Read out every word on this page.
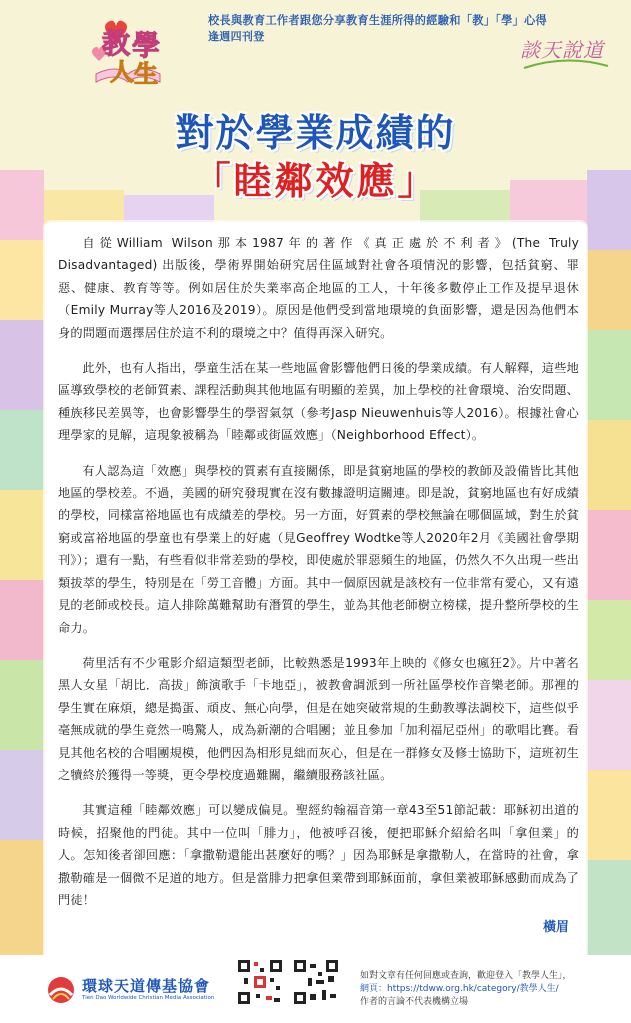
教 學
人 生
校長與教育工作者跟您分享教育生涯所得的經驗和「教」「學」心得
逢週四刊登
談天說道
對於學業成績的
「睦鄰效應」

自從William Wilson那本1987年的著作《真正處於不利者》(The Truly Disadvantaged) 出版後，學術界開始研究居住區域對社會各項情況的影響，包括貧窮、罪惡、健康、教育等等。例如居住於失業率高企地區的工人，十年後多數停止工作及提早退休（Emily Murray等人2016及2019）。原因是他們受到當地環境的負面影響，還是因為他們本身的問題而選擇居住於這不利的環境之中？值得再深入研究。

此外，也有人指出，學童生活在某一些地區會影響他們日後的學業成績。有人解釋，這些地區導致學校的老師質素、課程活動與其他地區有明顯的差異，加上學校的社會環境、治安問題、種族移民差異等，也會影響學生的學習氣氛（參考Jasp Nieuwenhuis等人2016）。根據社會心理學家的見解，這現象被稱為「睦鄰或街區效應」（Neighborhood Effect）。

有人認為這「效應」與學校的質素有直接關係，即是貧窮地區的學校的教師及設備皆比其他地區的學校差。不過，美國的研究發現實在沒有數據證明這關連。即是說，貧窮地區也有好成績的學校，同樣富裕地區也有成績差的學校。另一方面，好質素的學校無論在哪個區域，對生於貧窮或富裕地區的學童也有學業上的好處（見Geoffrey Wodtke等人2020年2月《美國社會學期刊》）；還有一點，有些看似非常差勁的學校，即使處於罪惡頻生的地區，仍然久不久出現一些出類拔萃的學生，特別是在「勞工音體」方面。其中一個原因就是該校有一位非常有愛心，又有遠見的老師或校長。這人排除萬難幫助有潛質的學生，並為其他老師樹立榜樣，提升整所學校的生命力。

荷里活有不少電影介紹這類型老師，比較熟悉是1993年上映的《修女也瘋狂2》。片中著名黑人女星「胡比．高拔」飾演歌手「卡地亞」，被教會調派到一所社區學校作音樂老師。那裡的學生實在麻煩，總是搗蛋、頑皮、無心向學，但是在她突破常規的生動教導法調校下，這些似乎毫無成就的學生竟然一鳴驚人，成為新潮的合唱團；並且參加「加利福尼亞州」的歌唱比賽。看見其他名校的合唱團規模，他們因為相形見絀而灰心，但是在一群修女及修士協助下，這班初生之犢終於獲得一等獎，更令學校度過難關，繼續服務該社區。

其實這種「睦鄰效應」可以變成偏見。聖經約翰福音第一章43至51節記載：耶穌初出道的時候，招聚他的門徒。其中一位叫「腓力」，他被呼召後，便把耶穌介紹給名叫「拿但業」的人。怎知後者卻回應：「拿撒勒還能出甚麼好的嗎？」因為耶穌是拿撒勒人，在當時的社會，拿撒勒確是一個微不足道的地方。但是當腓力把拿但業帶到耶穌面前，拿但業被耶穌感動而成為了門徒！

橫眉
環球天道傳基協會
Tien Dao Worldwide Christian Media Association
如對文章有任何回應或查詢，歡迎登入「教學人生」，
網頁：https://tdww.org.hk/category/教學人生/
作者的言論不代表機構立場
